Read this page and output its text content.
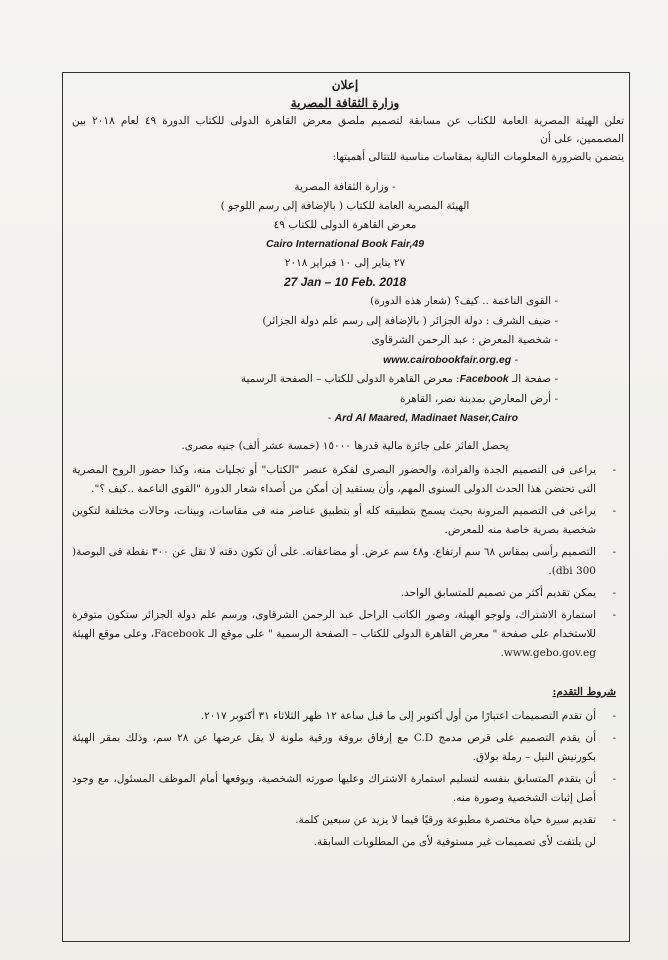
إعلان
وزارة الثقافة المصرية
تعلن الهيئة المصرية العامة للكتاب عن مسابقة لتصميم ملصق معرض القاهرة الدولى للكتاب الدورة ٤٩ لعام ٢٠١٨ بين المصممين، على أن
يتضمن بالضرورة المعلومات التالية بمقاسات مناسبة للتتالى أهميتها:
- وزارة الثقافة المصرية
الهيئة المصرية العامة للكتاب ( بالإضافة إلى رسم اللوجو )
معرض القاهرة الدولى للكتاب ٤٩
Cairo International Book Fair,49
٢٧ يناير إلى ١٠ فبراير ٢٠١٨
27 Jan – 10 Feb. 2018
- القوى الناعمة .. كيف؟ (شعار هذه الدورة)
- ضيف الشرف : دولة الجزائر ( بالإضافة إلى رسم علم دولة الجزائر)
- شخصية المعرض : عبد الرحمن الشرقاوى
- www.cairobookfair.org.eg
- صفحة الـ Facebook: معرض القاهرة الدولى للكتاب – الصفحة الرسمية
- أرض المعارض بمدينة نصر، القاهرة
Ard Al Maared, Madinaet Naser,Cairo -
يحصل الفائز على جائزة مالية قدرها ١٥٠٠٠ (خمسة عشر ألف) جنيه مصرى.
-
يراعى فى التصميم الجدة والفرادة، والحضور البصرى لفكرة عنصر "الكتاب" أو تجليات منه، وكذا حضور الروح المصرية التى تحتضن هذا الحدث الدولى السنوى المهم، وأن يستفيد إن أمكن من أصداء شعار الدورة "القوى الناعمة ..كيف ؟".
-
يراعى فى التصميم المرونة بحيث يسمح بتطبيقه كله أو بتطبيق عناصر منه فى مقاسات، وبينات، وحالات مختلفة لتكوين شخصية بصرية خاصة منه للمعرض.
-
التصميم رأسى بمقاس ٦٨ سم ارتفاع. و٤٨ سم عرض. أو مضاعفاته. على أن تكون دقته لا تقل عن ٣٠٠ نقطة فى البوصة( dbi 300).
-
يمكن تقديم أكثر من تصميم للمتسابق الواحد.
-
استمارة الاشتراك، ولوجو الهيئة، وصور الكاتب الراحل عبد الرحمن الشرقاوى، ورسم علم دولة الجزائر ستكون متوفرة للاستخدام على صفحة " معرض القاهرة الدولى للكتاب – الصفحة الرسمية " على موقع الـ Facebook، وعلى موقع الهيئة www.gebo.gov.eg.
شروط التقدم:
-
أن تقدم التصميمات اعتبارًا من أول أكتوبر إلى ما قبل ساعة ١٢ ظهر الثلاثاء ٣١ أكتوبر ٢٠١٧.
-
أن يقدم التصميم على قرص مدمج C.D مع إرفاق بروفة ورقية ملونة لا يقل عرضها عن ٢٨ سم، وذلك بمقر الهيئة بكورنيش النيل – رملة بولاق.
-
أن يتقدم المتسابق بنفسه لتسليم استمارة الاشتراك وعليها صورته الشخصية، ويوقعها أمام الموظف المسئول، مع وجود أصل إثبات الشخصية وصورة منه.
-
تقديم سيرة حياة مختصرة مطبوعة ورقيًا فيما لا يزيد عن سبعين كلمة.
لن يلتفت لأى تصميمات غير مستوفية لأى من المطلوبات السابقة.
